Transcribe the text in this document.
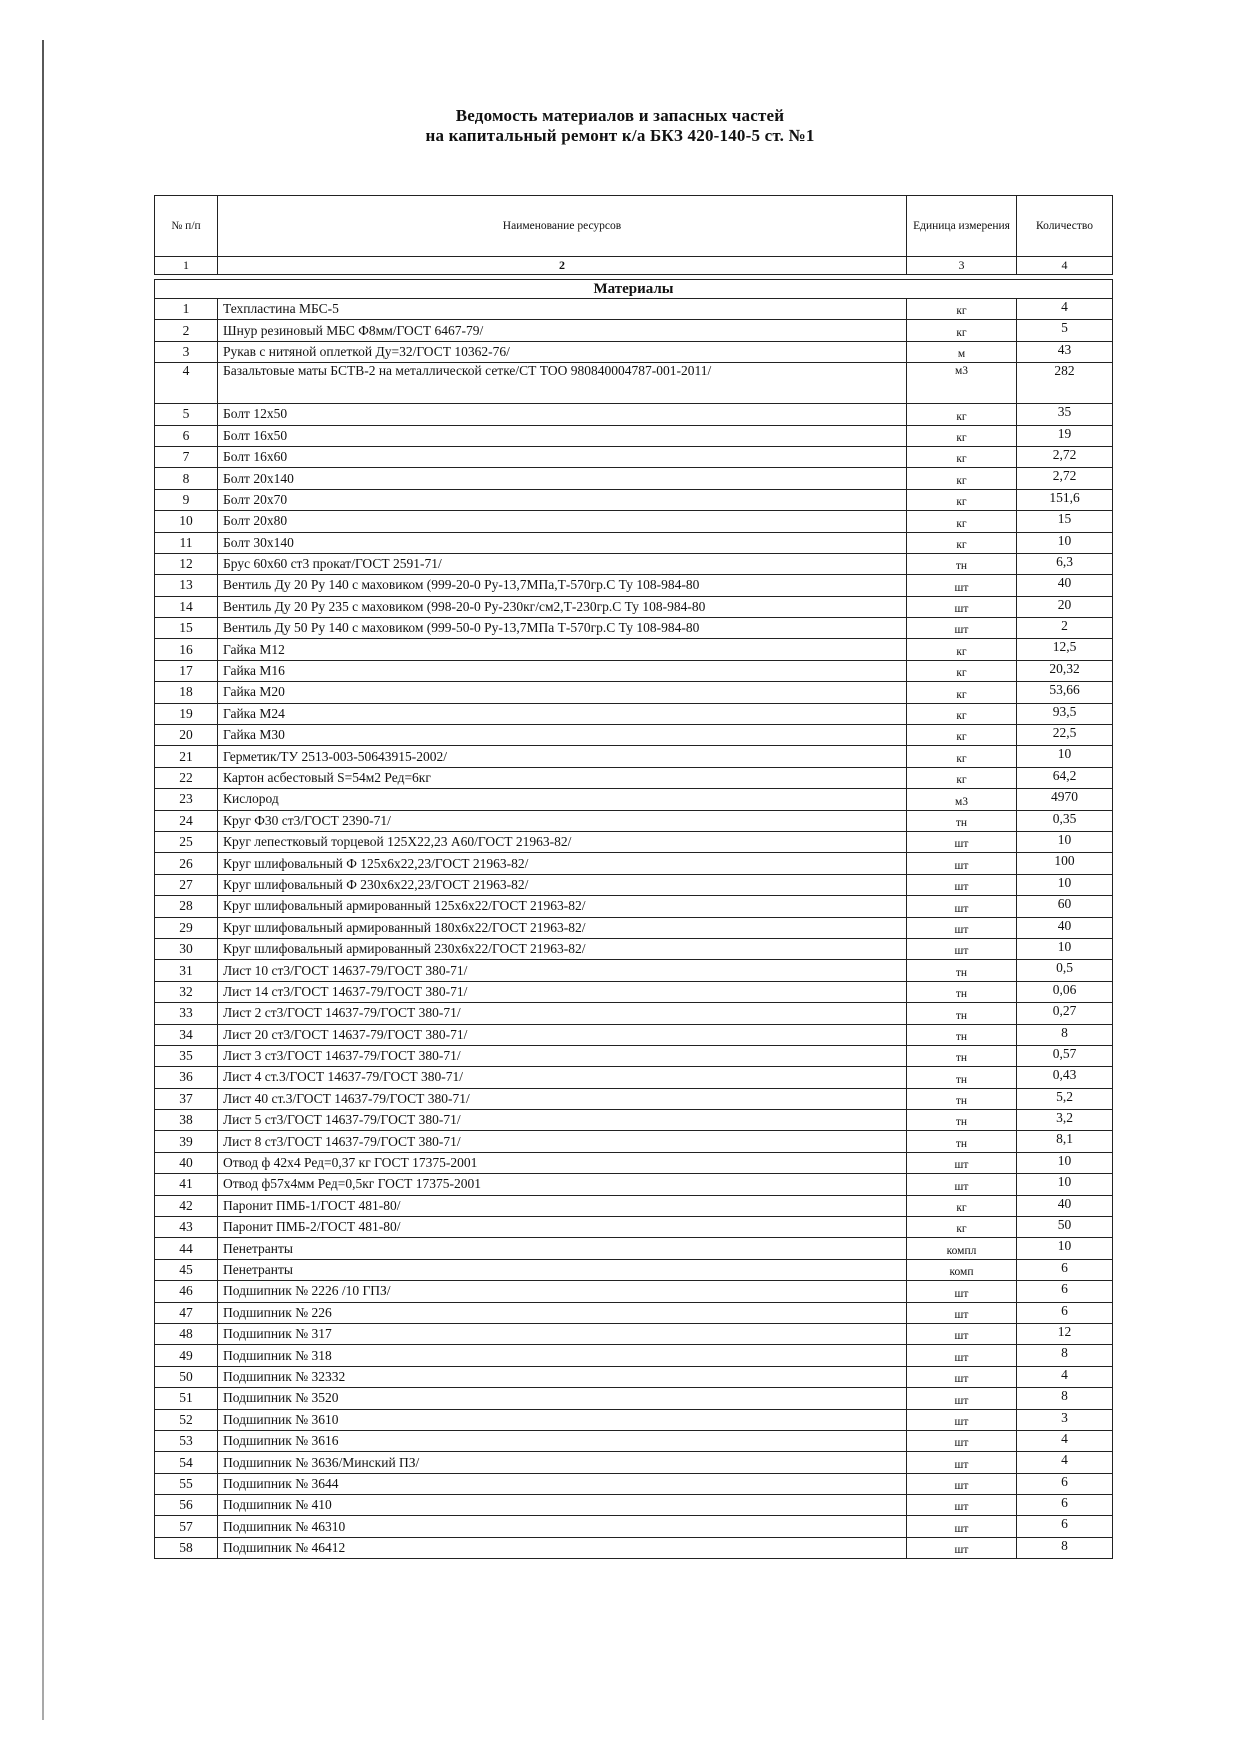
Ведомость материалов и запасных частей
на капитальный ремонт к/а БКЗ 420-140-5 ст. №1
№ п/п	Наименование ресурсов	Единица измерения	Количество
1	2	3	4

Материалы			
1	Техпластина МБС-5	кг	4
2	Шнур резиновый МБС Ф8мм/ГОСТ 6467-79/	кг	5
3	Рукав с нитяной оплеткой Ду=32/ГОСТ 10362-76/	м	43
4	Базальтовые маты БСТВ-2 на металлической сетке/СТ ТОО 980840004787-001-2011/	м3	282
5	Болт 12х50	кг	35
6	Болт 16х50	кг	19
7	Болт 16х60	кг	2,72
8	Болт 20х140	кг	2,72
9	Болт 20х70	кг	151,6
10	Болт 20х80	кг	15
11	Болт 30х140	кг	10
12	Брус 60х60 ст3 прокат/ГОСТ 2591-71/	тн	6,3
13	Вентиль Ду 20 Ру 140 с маховиком (999-20-0 Ру-13,7МПа,Т-570гр.С Ту 108-984-80	шт	40
14	Вентиль Ду 20 Ру 235 с маховиком (998-20-0 Ру-230кг/см2,Т-230гр.С Ту 108-984-80	шт	20
15	Вентиль Ду 50 Ру 140 с маховиком (999-50-0 Ру-13,7МПа Т-570гр.С Ту 108-984-80	шт	2
16	Гайка М12	кг	12,5
17	Гайка М16	кг	20,32
18	Гайка М20	кг	53,66
19	Гайка М24	кг	93,5
20	Гайка М30	кг	22,5
21	Герметик/ТУ 2513-003-50643915-2002/	кг	10
22	Картон асбестовый S=54м2 Ред=6кг	кг	64,2
23	Кислород	м3	4970
24	Круг Ф30 ст3/ГОСТ 2390-71/	тн	0,35
25	Круг лепестковый торцевой 125Х22,23 А60/ГОСТ 21963-82/	шт	10
26	Круг шлифовальный Ф 125х6х22,23/ГОСТ 21963-82/	шт	100
27	Круг шлифовальный Ф 230х6х22,23/ГОСТ 21963-82/	шт	10
28	Круг шлифовальный армированный 125х6х22/ГОСТ 21963-82/	шт	60
29	Круг шлифовальный армированный 180х6х22/ГОСТ 21963-82/	шт	40
30	Круг шлифовальный армированный 230х6х22/ГОСТ 21963-82/	шт	10
31	Лист 10 ст3/ГОСТ 14637-79/ГОСТ 380-71/	тн	0,5
32	Лист 14 ст3/ГОСТ 14637-79/ГОСТ 380-71/	тн	0,06
33	Лист 2 ст3/ГОСТ 14637-79/ГОСТ 380-71/	тн	0,27
34	Лист 20 ст3/ГОСТ 14637-79/ГОСТ 380-71/	тн	8
35	Лист 3 ст3/ГОСТ 14637-79/ГОСТ 380-71/	тн	0,57
36	Лист 4 ст.3/ГОСТ 14637-79/ГОСТ 380-71/	тн	0,43
37	Лист 40 ст.3/ГОСТ 14637-79/ГОСТ 380-71/	тн	5,2
38	Лист 5 ст3/ГОСТ 14637-79/ГОСТ 380-71/	тн	3,2
39	Лист 8 ст3/ГОСТ 14637-79/ГОСТ 380-71/	тн	8,1
40	Отвод ф 42х4 Ред=0,37 кг ГОСТ 17375-2001	шт	10
41	Отвод ф57х4мм Ред=0,5кг ГОСТ 17375-2001	шт	10
42	Паронит ПМБ-1/ГОСТ 481-80/	кг	40
43	Паронит ПМБ-2/ГОСТ 481-80/	кг	50
44	Пенетранты	компл	10
45	Пенетранты	комп	6
46	Подшипник № 2226 /10 ГПЗ/	шт	6
47	Подшипник № 226	шт	6
48	Подшипник № 317	шт	12
49	Подшипник № 318	шт	8
50	Подшипник № 32332	шт	4
51	Подшипник № 3520	шт	8
52	Подшипник № 3610	шт	3
53	Подшипник № 3616	шт	4
54	Подшипник № 3636/Минский ПЗ/	шт	4
55	Подшипник № 3644	шт	6
56	Подшипник № 410	шт	6
57	Подшипник № 46310	шт	6
58	Подшипник № 46412	шт	8
